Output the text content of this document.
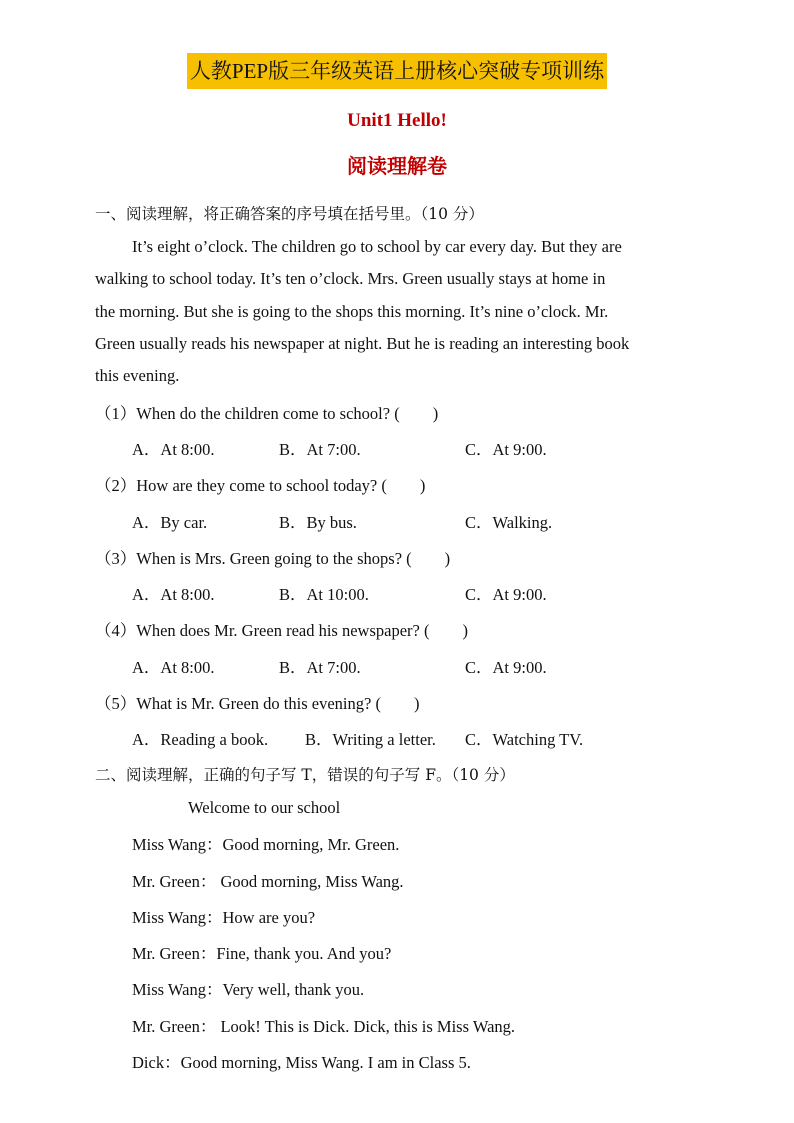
人教PEP版三年级英语上册核心突破专项训练
Unit1 Hello!
阅读理解卷
一、阅读理解，将正确答案的序号填在括号里。（10 分）
It’s eight o’clock. The children go to school by car every day. But they are
walking to school today. It’s ten o’clock. Mrs. Green usually stays at home in
the morning. But she is going to the shops this morning. It’s nine o’clock. Mr.
Green usually reads his newspaper at night. But he is reading an interesting book
this evening.
（1）When do the children come to school? (　　)
A．At 8:00.	B．At 7:00.	C．At 9:00.
（2）How are they come to school today? (　　)
A．By car.	B．By bus.	C．Walking.
（3）When is Mrs. Green going to the shops? (　　)
A．At 8:00.	B．At 10:00.	C．At 9:00.
（4）When does Mr. Green read his newspaper? (　　)
A．At 8:00.	B．At 7:00.	C．At 9:00.
（5）What is Mr. Green do this evening? (　　)
A．Reading a book. B．Writing a letter. C．Watching TV.
二、阅读理解，正确的句子写 T，错误的句子写 F。（10 分）
Welcome to our school
Miss Wang：Good morning, Mr. Green.
Mr. Green： Good morning, Miss Wang.
Miss Wang：How are you?
Mr. Green：Fine, thank you. And you?
Miss Wang：Very well, thank you.
Mr. Green： Look! This is Dick. Dick, this is Miss Wang.
Dick：Good morning, Miss Wang. I am in Class 5.
